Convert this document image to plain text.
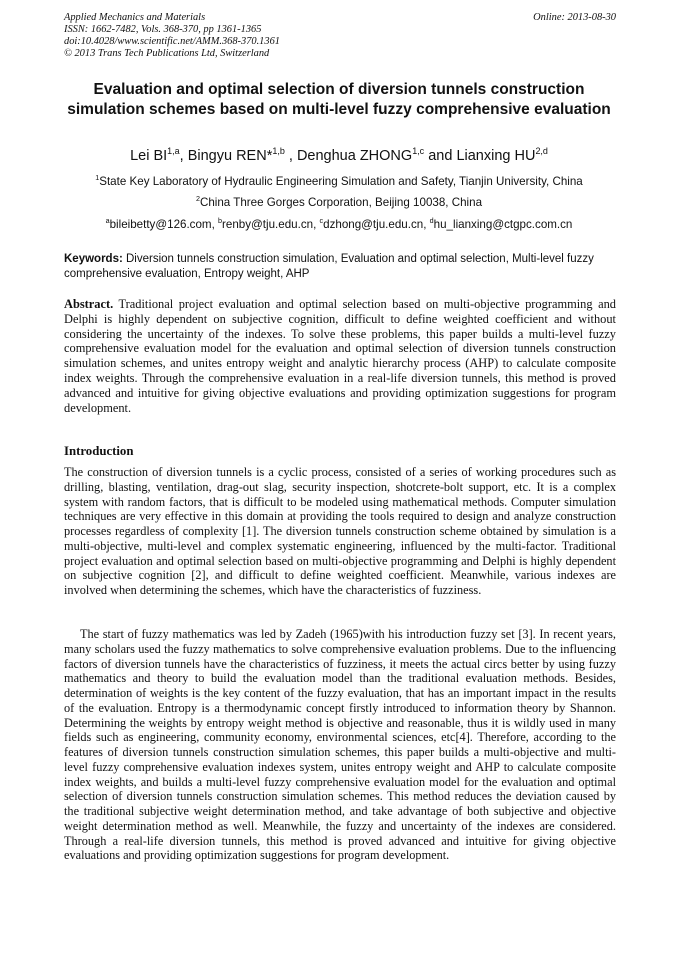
Applied Mechanics and Materials
ISSN: 1662-7482, Vols. 368-370, pp 1361-1365
doi:10.4028/www.scientific.net/AMM.368-370.1361
© 2013 Trans Tech Publications Ltd, Switzerland
Online: 2013-08-30
Evaluation and optimal selection of diversion tunnels construction simulation schemes based on multi-level fuzzy comprehensive evaluation
Lei BI$^{1,a}$, Bingyu REN*$^{1,b}$ , Denghua ZHONG$^{1,c}$ and Lianxing HU$^{2,d}$
$^1$State Key Laboratory of Hydraulic Engineering Simulation and Safety, Tianjin University, China
$^2$China Three Gorges Corporation, Beijing 10038, China
$^a$bileibetty@126.com, $^b$renby@tju.edu.cn, $^c$dzhong@tju.edu.cn, $^d$hu_lianxing@ctgpc.com.cn
Keywords: Diversion tunnels construction simulation, Evaluation and optimal selection, Multi-level fuzzy comprehensive evaluation, Entropy weight, AHP
Abstract. Traditional project evaluation and optimal selection based on multi-objective programming and Delphi is highly dependent on subjective cognition, difficult to define weighted coefficient and without considering the uncertainty of the indexes. To solve these problems, this paper builds a multi-level fuzzy comprehensive evaluation model for the evaluation and optimal selection of diversion tunnels construction simulation schemes, and unites entropy weight and analytic hierarchy process (AHP) to calculate composite index weights. Through the comprehensive evaluation in a real-life diversion tunnels, this method is proved advanced and intuitive for giving objective evaluations and providing optimization suggestions for program development.
Introduction

The construction of diversion tunnels is a cyclic process, consisted of a series of working procedures such as drilling, blasting, ventilation, drag-out slag, security inspection, shotcrete-bolt support, etc. It is a complex system with random factors, that is difficult to be modeled using mathematical methods. Computer simulation techniques are very effective in this domain at providing the tools required to design and analyze construction processes regardless of complexity [1]. The diversion tunnels construction scheme obtained by simulation is a multi-objective, multi-level and complex systematic engineering, influenced by the multi-factor. Traditional project evaluation and optimal selection based on multi-objective programming and Delphi is highly dependent on subjective cognition [2], and difficult to define weighted coefficient. Meanwhile, various indexes are involved when determining the schemes, which have the characteristics of fuzziness.

The start of fuzzy mathematics was led by Zadeh (1965)with his introduction fuzzy set [3]. In recent years, many scholars used the fuzzy mathematics to solve comprehensive evaluation problems. Due to the influencing factors of diversion tunnels have the characteristics of fuzziness, it meets the actual circs better by using fuzzy mathematics and theory to build the evaluation model than the traditional evaluation methods. Besides, determination of weights is the key content of the fuzzy evaluation, that has an important impact in the results of the evaluation. Entropy is a thermodynamic concept firstly introduced to information theory by Shannon. Determining the weights by entropy weight method is objective and reasonable, thus it is wildly used in many fields such as engineering, community economy, environmental sciences, etc[4]. Therefore, according to the features of diversion tunnels construction simulation schemes, this paper builds a multi-objective and multi-level fuzzy comprehensive evaluation indexes system, unites entropy weight and AHP to calculate composite index weights, and builds a multi-level fuzzy comprehensive evaluation model for the evaluation and optimal selection of diversion tunnels construction simulation schemes. This method reduces the deviation caused by the traditional subjective weight determination method, and take advantage of both subjective and objective weight determination method as well. Meanwhile, the fuzzy and uncertainty of the indexes are considered. Through a real-life diversion tunnels, this method is proved advanced and intuitive for giving objective evaluations and providing optimization suggestions for program development.
